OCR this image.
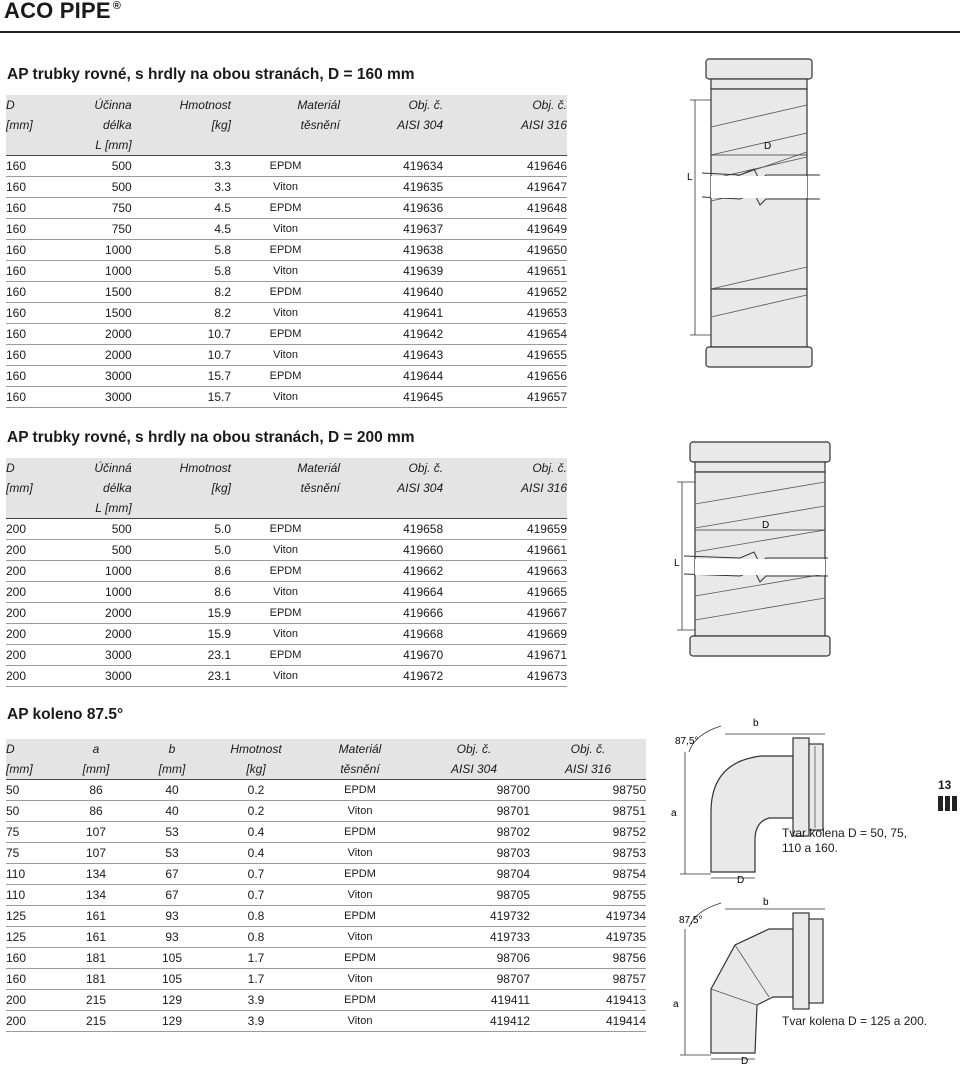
ACO PIPE ®
AP trubky rovné, s hrdly na obou stranách, D = 160 mm
D	Účinna	Hmotnost	Materiál	Obj. č.	Obj. č.
[mm]	délka	[kg]	těsnění	AISI 304	AISI 316
	L [mm]				
160	500	3.3	EPDM	419634	419646
160	500	3.3	Viton	419635	419647
160	750	4.5	EPDM	419636	419648
160	750	4.5	Viton	419637	419649
160	1000	5.8	EPDM	419638	419650
160	1000	5.8	Viton	419639	419651
160	1500	8.2	EPDM	419640	419652
160	1500	8.2	Viton	419641	419653
160	2000	10.7	EPDM	419642	419654
160	2000	10.7	Viton	419643	419655
160	3000	15.7	EPDM	419644	419656
160	3000	15.7	Viton	419645	419657
AP trubky rovné, s hrdly na obou stranách, D = 200 mm
D	Účinná	Hmotnost	Materiál	Obj. č.	Obj. č.
[mm]	délka	[kg]	těsnění	AISI 304	AISI 316
	L [mm]				
200	500	5.0	EPDM	419658	419659
200	500	5.0	Viton	419660	419661
200	1000	8.6	EPDM	419662	419663
200	1000	8.6	Viton	419664	419665
200	2000	15.9	EPDM	419666	419667
200	2000	15.9	Viton	419668	419669
200	3000	23.1	EPDM	419670	419671
200	3000	23.1	Viton	419672	419673
AP koleno 87.5°
D	a	b	Hmotnost	Materiál	Obj. č.	Obj. č.
[mm]	[mm]	[mm]	[kg]	těsnění	AISI 304	AISI 316
50	86	40	0.2	EPDM	98700	98750
50	86	40	0.2	Viton	98701	98751
75	107	53	0.4	EPDM	98702	98752
75	107	53	0.4	Viton	98703	98753
110	134	67	0.7	EPDM	98704	98754
110	134	67	0.7	Viton	98705	98755
125	161	93	0.8	EPDM	419732	419734
125	161	93	0.8	Viton	419733	419735
160	181	105	1.7	EPDM	98706	98756
160	181	105	1.7	Viton	98707	98757
200	215	129	3.9	EPDM	419411	419413
200	215	129	3.9	Viton	419412	419414
L
D
L
D
87,5°
b
a
D
Tvar kolena D = 50, 75, 110 a 160.
87,5°
b
a
D
Tvar kolena D = 125 a 200.
13
